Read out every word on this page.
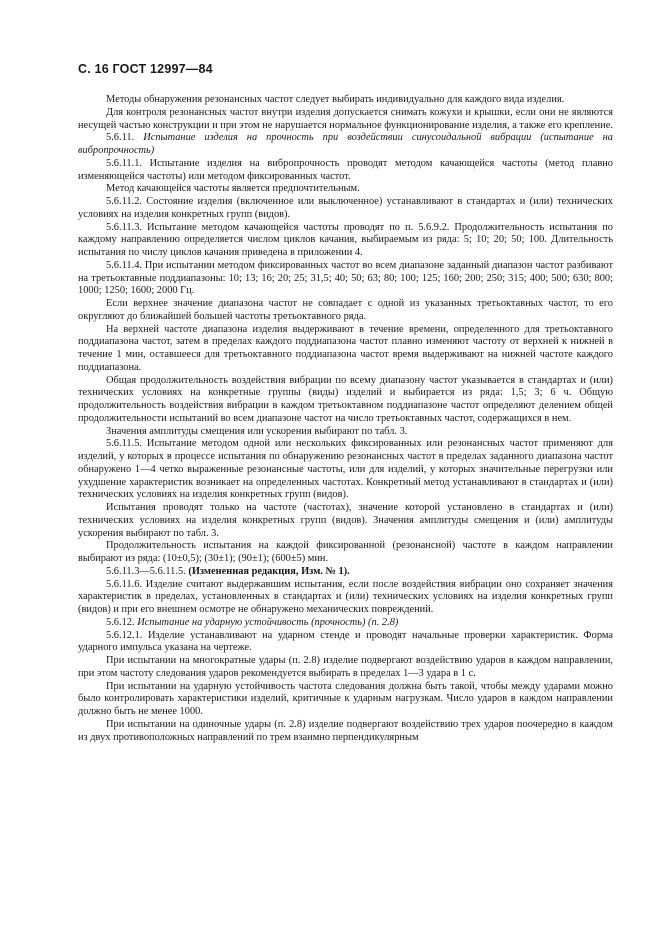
С. 16 ГОСТ 12997—84

Методы обнаружения резонансных частот следует выбирать индивидуально для каждого вида изделия.

Для контроля резонансных частот внутри изделия допускается снимать кожухи и крышки, если они не являются несущей частью конструкции и при этом не нарушается нормальное функционирование изделия, а также его крепление.

5.6.11. Испытание изделия на прочность при воздействии синусоидальной вибрации (испытание на вибропрочность)

5.6.11.1. Испытание изделия на вибропрочность проводят методом качающейся частоты (метод плавно изменяющейся частоты) или методом фиксированных частот.

Метод качающейся частоты является предпочтительным.

5.6.11.2. Состояние изделия (включенное или выключенное) устанавливают в стандартах и (или) технических условиях на изделия конкретных групп (видов).

5.6.11.3. Испытание методом качающейся частоты проводят по п. 5.6.9.2. Продолжительность испытания по каждому направлению определяется числом циклов качания, выбираемым из ряда: 5; 10; 20; 50; 100. Длительность испытания по числу циклов качания приведена в приложении 4.

5.6.11.4. При испытании методом фиксированных частот во всем диапазоне заданный диапазон частот разбивают на третьоктавные поддиапазоны: 10; 13; 16; 20; 25; 31,5; 40; 50; 63; 80; 100; 125; 160; 200; 250; 315; 400; 500; 630; 800; 1000; 1250; 1600; 2000 Гц.

Если верхнее значение диапазона частот не совпадает с одной из указанных третьоктавных частот, то его округляют до ближайшей большей частоты третьоктавного ряда.

На верхней частоте диапазона изделия выдерживают в течение времени, определенного для третьоктавного поддиапазона частот, затем в пределах каждого поддиапазона частот плавно изменяют частоту от верхней к нижней в течение 1 мин, оставшееся для третьоктавного поддиапазона частот время выдерживают на нижней частоте каждого поддиапазона.

Общая продолжительность воздействия вибрации по всему диапазону частот указывается в стандартах и (или) технических условиях на конкретные группы (виды) изделий и выбирается из ряда: 1,5; 3; 6 ч. Общую продолжительность воздействия вибрации в каждом третьоктавном поддиапазоне частот определяют делением общей продолжительности испытаний во всем диапазоне частот на число третьоктавных частот, содержащихся в нем.

Значения амплитуды смещения или ускорения выбирают по табл. 3.

5.6.11.5. Испытание методом одной или нескольких фиксированных или резонансных частот применяют для изделий, у которых в процессе испытания по обнаружению резонансных частот в пределах заданного диапазона частот обнаружено 1—4 четко выраженные резонансные частоты, или для изделий, у которых значительные перегрузки или ухудшение характеристик возникает на определенных частотах. Конкретный метод устанавливают в стандартах и (или) технических условиях на изделия конкретных групп (видов).

Испытания проводят только на частоте (частотах), значение которой установлено в стандартах и (или) технических условиях на изделия конкретных групп (видов). Значения амплитуды смещения и (или) амплитуды ускорения выбирают по табл. 3.

Продолжительность испытания на каждой фиксированной (резонансной) частоте в каждом направлении выбирают из ряда: (10±0,5); (30±1); (90±1); (600±5) мин.

5.6.11.3—5.6.11.5. (Измененная редакция, Изм. № 1).

5.6.11.6. Изделие считают выдержавшим испытания, если после воздействия вибрации оно сохраняет значения характеристик в пределах, установленных в стандартах и (или) технических условиях на изделия конкретных групп (видов) и при его внешнем осмотре не обнаружено механических повреждений.

5.6.12. Испытание на ударную устойчивость (прочность) (п. 2.8)

5.6.12.1. Изделие устанавливают на ударном стенде и проводят начальные проверки характеристик. Форма ударного импульса указана на чертеже.

При испытании на многократные удары (п. 2.8) изделие подвергают воздействию ударов в каждом направлении, при этом частоту следования ударов рекомендуется выбирать в пределах 1—3 удара в 1 с.

При испытании на ударную устойчивость частота следования должна быть такой, чтобы между ударами можно было контролировать характеристики изделий, критичные к ударным нагрузкам. Число ударов в каждом направлении должно быть не менее 1000.

При испытании на одиночные удары (п. 2.8) изделие подвергают воздействию трех ударов поочередно в каждом из двух противоположных направлений по трем взаимно перпендикулярным
